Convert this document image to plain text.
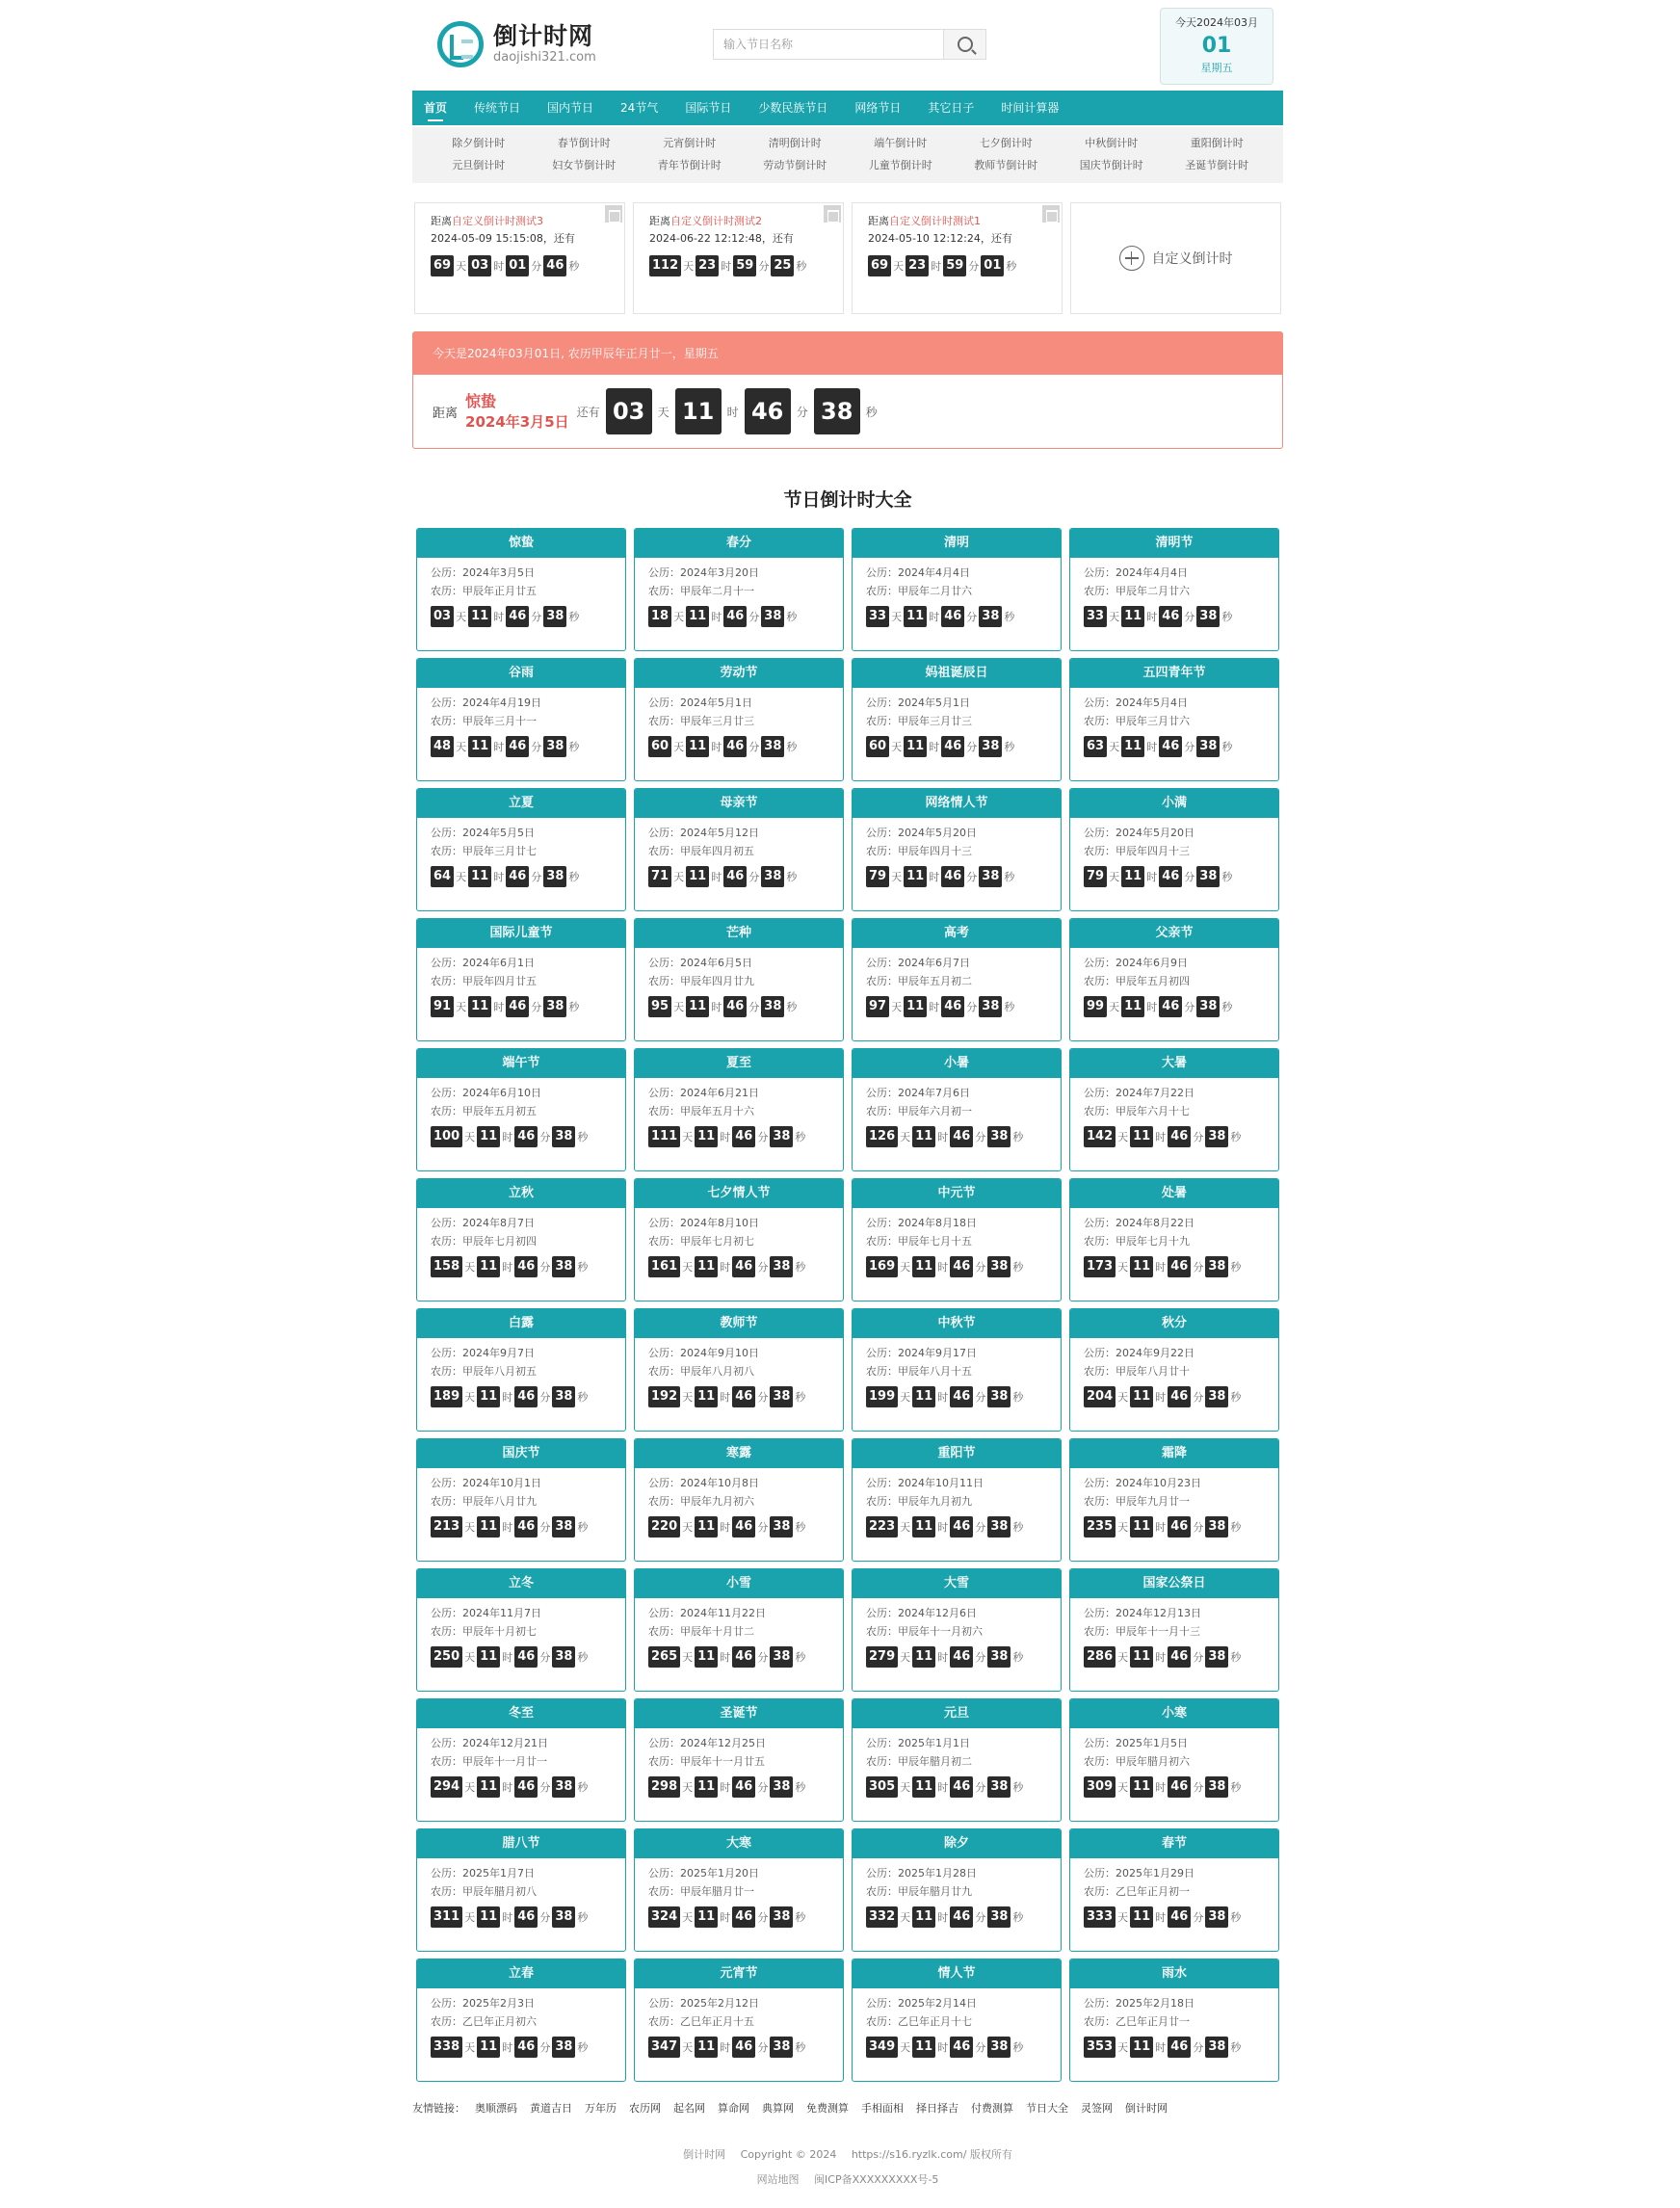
倒计时网
daojishi321.com
输入节日名称
今天2024年03月
01
星期五
首页 传统节日 国内节日 24节气 国际节日 少数民族节日 网络节日 其它日子 时间计算器
除夕倒计时	春节倒计时	元宵倒计时	清明倒计时	端午倒计时	七夕倒计时	中秋倒计时	重阳倒计时
元旦倒计时	妇女节倒计时	青年节倒计时	劳动节倒计时	儿童节倒计时	教师节倒计时	国庆节倒计时	圣诞节倒计时
距离自定义倒计时测试3
2024-05-09 15:15:08，还有
69 天 03 时 01 分 46 秒
距离自定义倒计时测试2
2024-06-22 12:12:48，还有
112 天 23 时 59 分 25 秒
距离自定义倒计时测试1
2024-05-10 12:12:24，还有
69 天 23 时 59 分 01 秒	自定义倒计时
今天是2024年03月01日, 农历甲辰年正月廿一，星期五
距离
惊蛰
2024年3月5日
还有 03	天 11	时 46	分 38	秒
节日倒计时大全
惊蛰
公历：2024年3月5日
农历：甲辰年正月廿五
03 天 11 时 46 分 38 秒
春分
公历：2024年3月20日
农历：甲辰年二月十一
18 天 11 时 46 分 38 秒
清明
公历：2024年4月4日
农历：甲辰年二月廿六
33 天 11 时 46 分 38 秒
清明节
公历：2024年4月4日
农历：甲辰年二月廿六
33 天 11 时 46 分 38 秒
谷雨
公历：2024年4月19日
农历：甲辰年三月十一
48 天 11 时 46 分 38 秒
劳动节
公历：2024年5月1日
农历：甲辰年三月廿三
60 天 11 时 46 分 38 秒
妈祖诞辰日
公历：2024年5月1日
农历：甲辰年三月廿三
60 天 11 时 46 分 38 秒
五四青年节
公历：2024年5月4日
农历：甲辰年三月廿六
63 天 11 时 46 分 38 秒
立夏
公历：2024年5月5日
农历：甲辰年三月廿七
64 天 11 时 46 分 38 秒
母亲节
公历：2024年5月12日
农历：甲辰年四月初五
71 天 11 时 46 分 38 秒
网络情人节
公历：2024年5月20日
农历：甲辰年四月十三
79 天 11 时 46 分 38 秒
小满
公历：2024年5月20日
农历：甲辰年四月十三
79 天 11 时 46 分 38 秒
国际儿童节
公历：2024年6月1日
农历：甲辰年四月廿五
91 天 11 时 46 分 38 秒
芒种
公历：2024年6月5日
农历：甲辰年四月廿九
95 天 11 时 46 分 38 秒
高考
公历：2024年6月7日
农历：甲辰年五月初二
97 天 11 时 46 分 38 秒
父亲节
公历：2024年6月9日
农历：甲辰年五月初四
99 天 11 时 46 分 38 秒
端午节
公历：2024年6月10日
农历：甲辰年五月初五
100 天 11 时 46 分 38 秒
夏至
公历：2024年6月21日
农历：甲辰年五月十六
111 天 11 时 46 分 38 秒
小暑
公历：2024年7月6日
农历：甲辰年六月初一
126 天 11 时 46 分 38 秒
大暑
公历：2024年7月22日
农历：甲辰年六月十七
142 天 11 时 46 分 38 秒
立秋
公历：2024年8月7日
农历：甲辰年七月初四
158 天 11 时 46 分 38 秒
七夕情人节
公历：2024年8月10日
农历：甲辰年七月初七
161 天 11 时 46 分 38 秒
中元节
公历：2024年8月18日
农历：甲辰年七月十五
169 天 11 时 46 分 38 秒
处暑
公历：2024年8月22日
农历：甲辰年七月十九
173 天 11 时 46 分 38 秒
白露
公历：2024年9月7日
农历：甲辰年八月初五
189 天 11 时 46 分 38 秒
教师节
公历：2024年9月10日
农历：甲辰年八月初八
192 天 11 时 46 分 38 秒
中秋节
公历：2024年9月17日
农历：甲辰年八月十五
199 天 11 时 46 分 38 秒
秋分
公历：2024年9月22日
农历：甲辰年八月廿十
204 天 11 时 46 分 38 秒
国庆节
公历：2024年10月1日
农历：甲辰年八月廿九
213 天 11 时 46 分 38 秒
寒露
公历：2024年10月8日
农历：甲辰年九月初六
220 天 11 时 46 分 38 秒
重阳节
公历：2024年10月11日
农历：甲辰年九月初九
223 天 11 时 46 分 38 秒
霜降
公历：2024年10月23日
农历：甲辰年九月廿一
235 天 11 时 46 分 38 秒
立冬
公历：2024年11月7日
农历：甲辰年十月初七
250 天 11 时 46 分 38 秒
小雪
公历：2024年11月22日
农历：甲辰年十月廿二
265 天 11 时 46 分 38 秒
大雪
公历：2024年12月6日
农历：甲辰年十一月初六
279 天 11 时 46 分 38 秒
国家公祭日
公历：2024年12月13日
农历：甲辰年十一月十三
286 天 11 时 46 分 38 秒
冬至
公历：2024年12月21日
农历：甲辰年十一月廿一
294 天 11 时 46 分 38 秒
圣诞节
公历：2024年12月25日
农历：甲辰年十一月廿五
298 天 11 时 46 分 38 秒
元旦
公历：2025年1月1日
农历：甲辰年腊月初二
305 天 11 时 46 分 38 秒
小寒
公历：2025年1月5日
农历：甲辰年腊月初六
309 天 11 时 46 分 38 秒
腊八节
公历：2025年1月7日
农历：甲辰年腊月初八
311 天 11 时 46 分 38 秒
大寒
公历：2025年1月20日
农历：甲辰年腊月廿一
324 天 11 时 46 分 38 秒
除夕
公历：2025年1月28日
农历：甲辰年腊月廿九
332 天 11 时 46 分 38 秒
春节
公历：2025年1月29日
农历：乙巳年正月初一
333 天 11 时 46 分 38 秒
立春
公历：2025年2月3日
农历：乙巳年正月初六
338 天 11 时 46 分 38 秒
元宵节
公历：2025年2月12日
农历：乙巳年正月十五
347 天 11 时 46 分 38 秒
情人节
公历：2025年2月14日
农历：乙巳年正月十七
349 天 11 时 46 分 38 秒
雨水
公历：2025年2月18日
农历：乙巳年正月廿一
353 天 11 时 46 分 38 秒
友情链接： 奥顺漂码 黄道吉日 万年历 农历网 起名网 算命网 典算网 免费测算 手相面相 择日择吉 付费测算 节日大全 灵签网 倒计时网
倒计时网 Copyright © 2024 https://s16.ryzlk.com/ 版权所有
网站地图 闽ICP备XXXXXXXXX号-5
